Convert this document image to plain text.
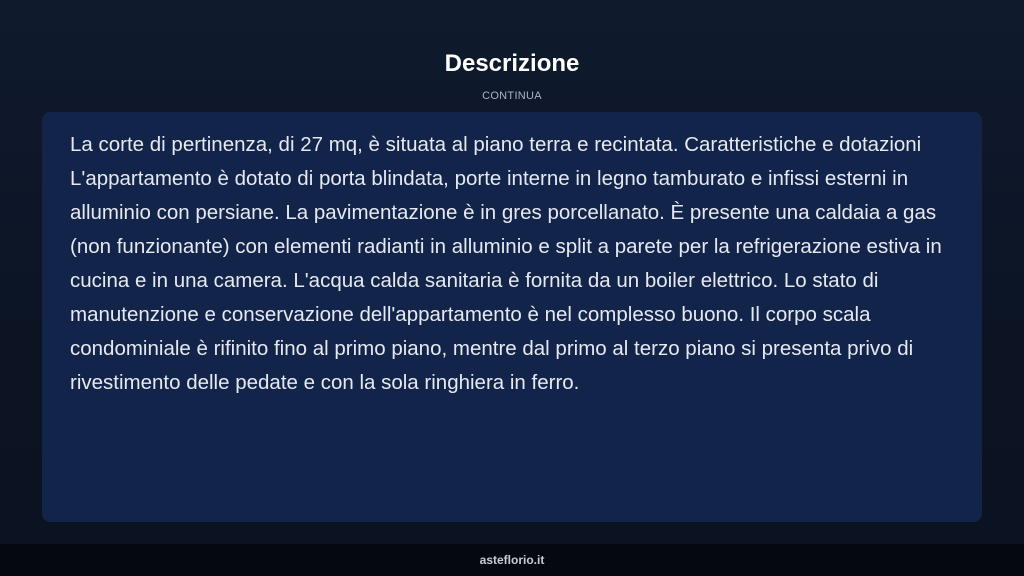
Descrizione
CONTINUA

La corte di pertinenza, di 27 mq, è situata al piano terra e recintata. Caratteristiche e dotazioni L'appartamento è dotato di porta blindata, porte interne in legno tamburato e infissi esterni in alluminio con persiane. La pavimentazione è in gres porcellanato. È presente una caldaia a gas (non funzionante) con elementi radianti in alluminio e split a parete per la refrigerazione estiva in cucina e in una camera. L'acqua calda sanitaria è fornita da un boiler elettrico. Lo stato di manutenzione e conservazione dell'appartamento è nel complesso buono. Il corpo scala condominiale è rifinito fino al primo piano, mentre dal primo al terzo piano si presenta privo di rivestimento delle pedate e con la sola ringhiera in ferro.

asteflorio.it
